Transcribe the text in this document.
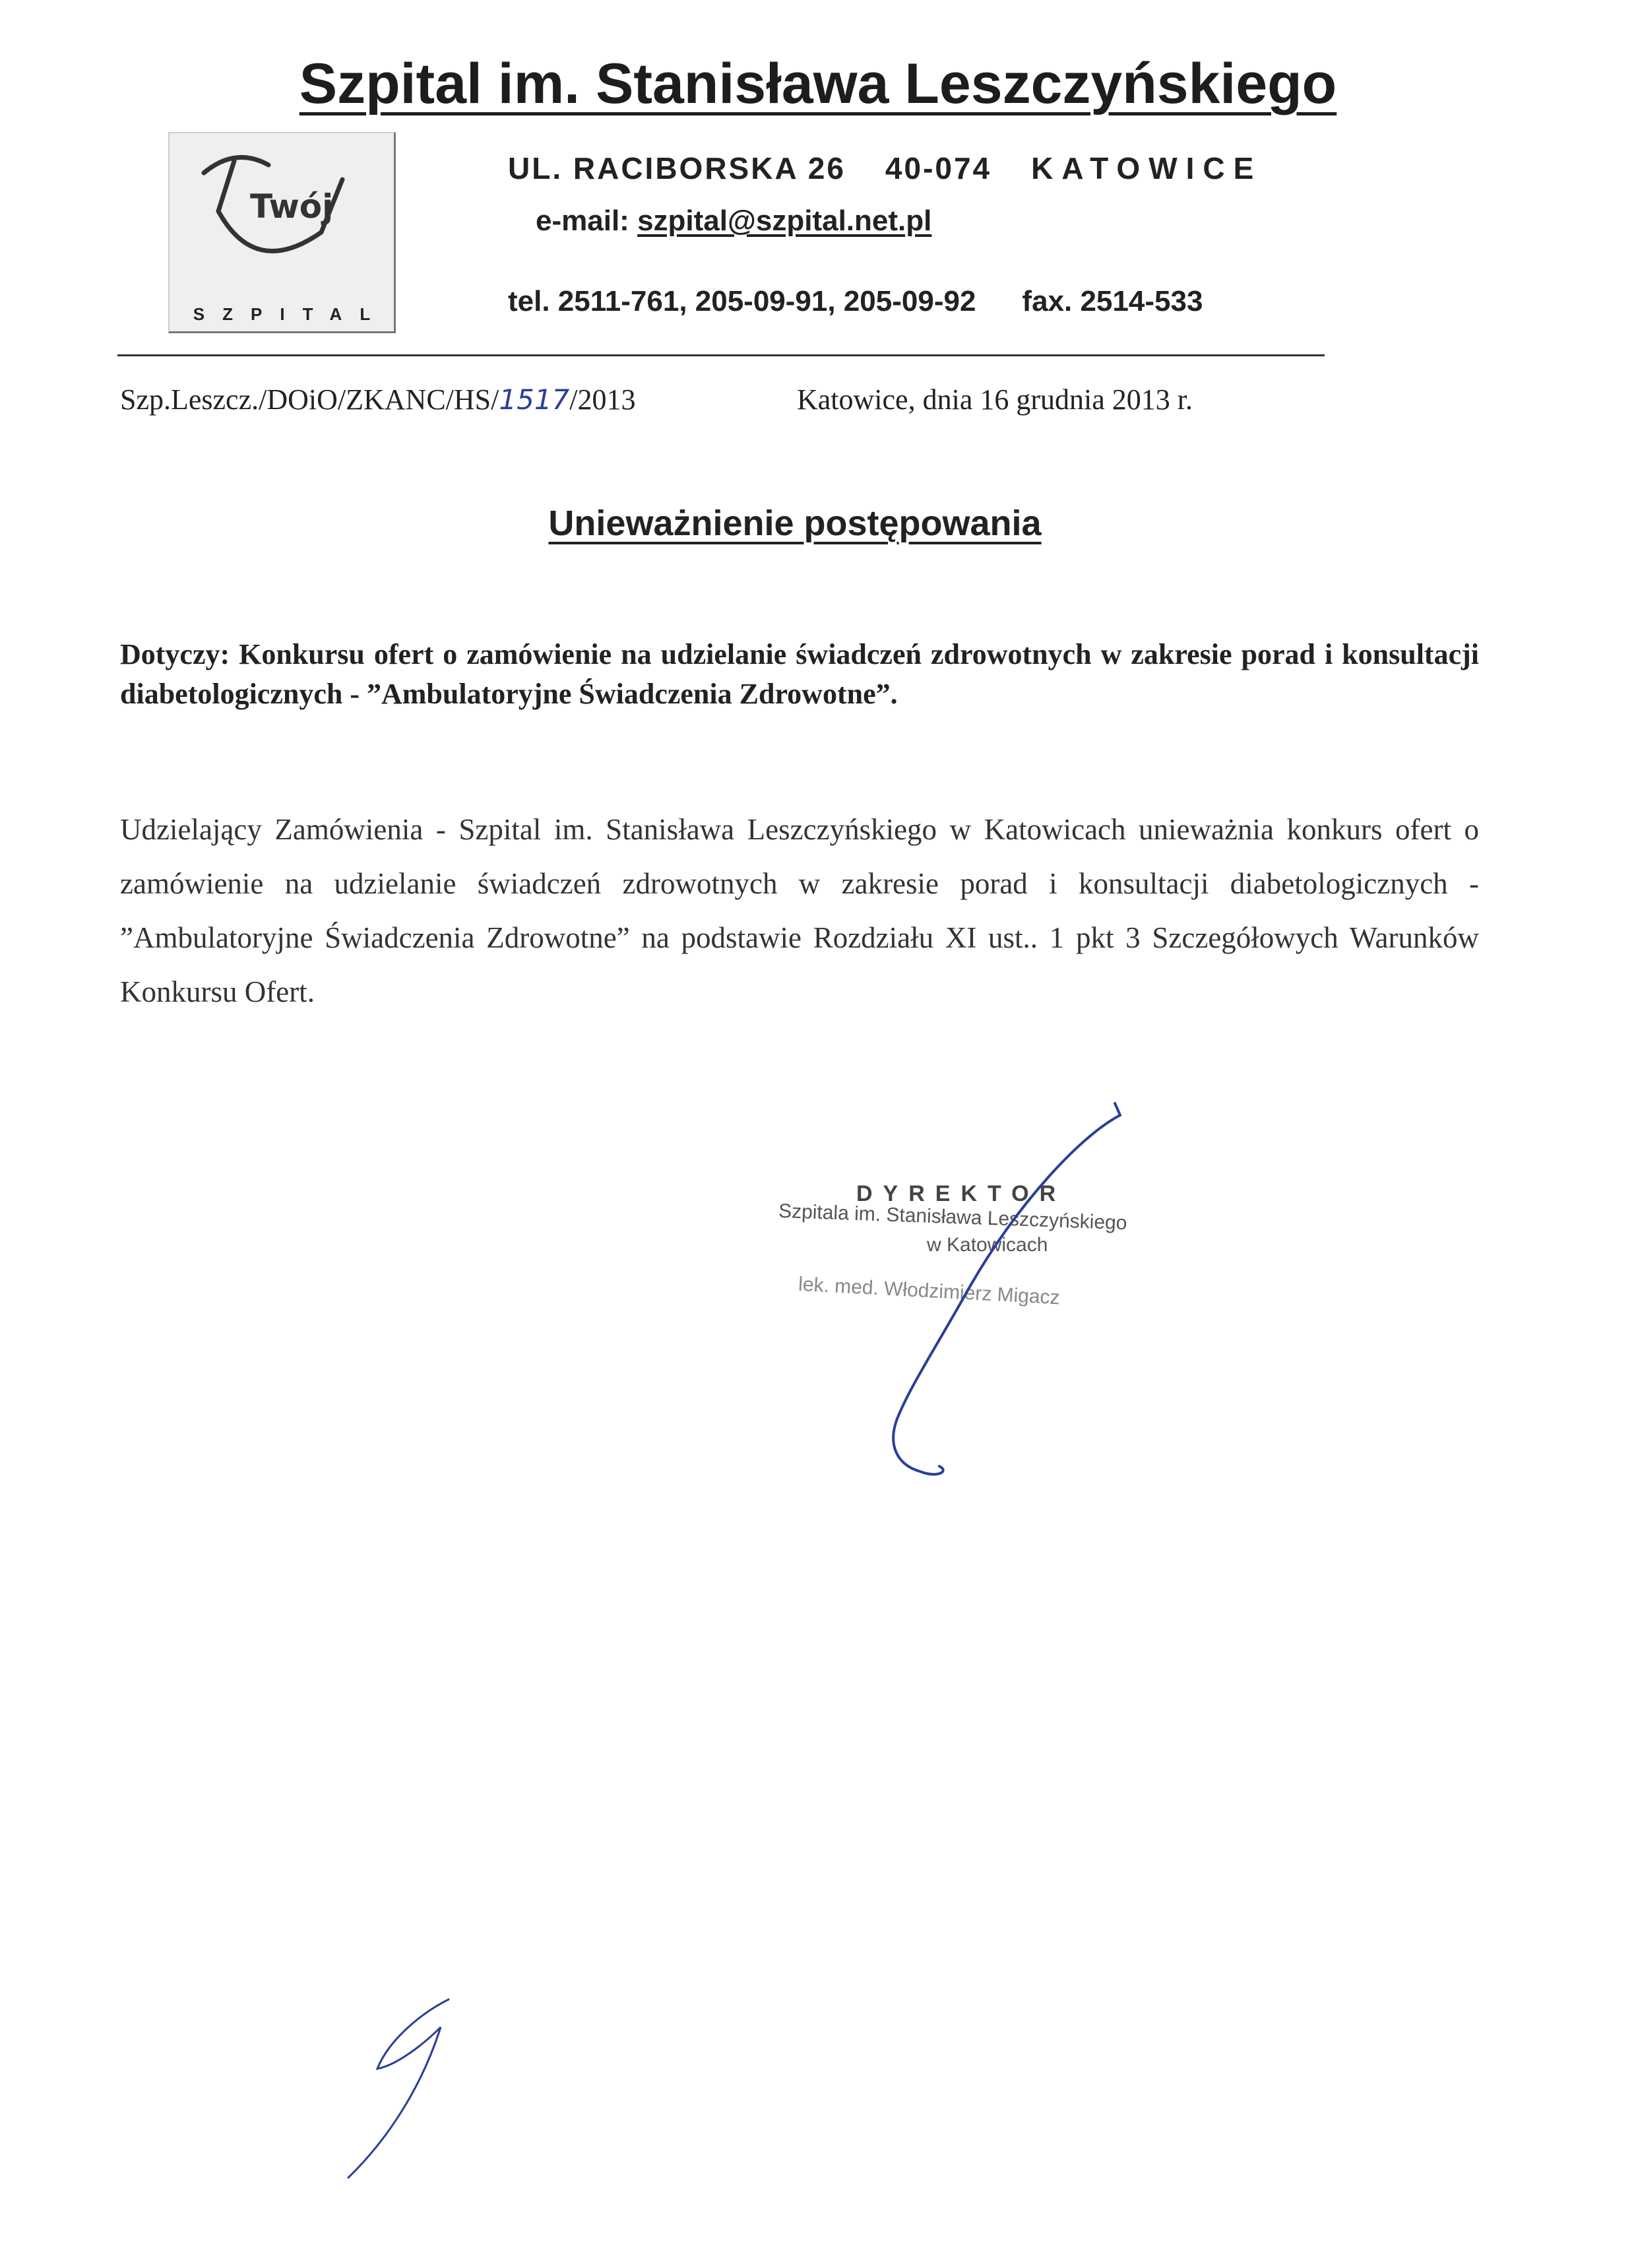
Szpital im. Stanisława Leszczyńskiego
Twój
SZPITAL
UL. RACIBORSKA 26 40-074 KATOWICE
e-mail: szpital@szpital.net.pl
tel. 2511-761, 205-09-91, 205-09-92 fax. 2514-533
Szp.Leszcz./DOiO/ZKANC/HS/1517/2013	Katowice, dnia 16 grudnia 2013 r.
Unieważnienie postępowania
Dotyczy: Konkursu ofert o zamówienie na udzielanie świadczeń zdrowotnych w zakresie porad i konsultacji diabetologicznych - ”Ambulatoryjne Świadczenia Zdrowotne”.
Udzielający Zamówienia - Szpital im. Stanisława Leszczyńskiego w Katowicach unieważnia konkurs ofert o zamówienie na udzielanie świadczeń zdrowotnych w zakresie porad i konsultacji diabetologicznych - ”Ambulatoryjne Świadczenia Zdrowotne” na podstawie Rozdziału XI ust.. 1 pkt 3 Szczegółowych Warunków Konkursu Ofert.
DYREKTOR
Szpitala im. Stanisława Leszczyńskiego
w Katowicach
lek. med. Włodzimierz Migacz
